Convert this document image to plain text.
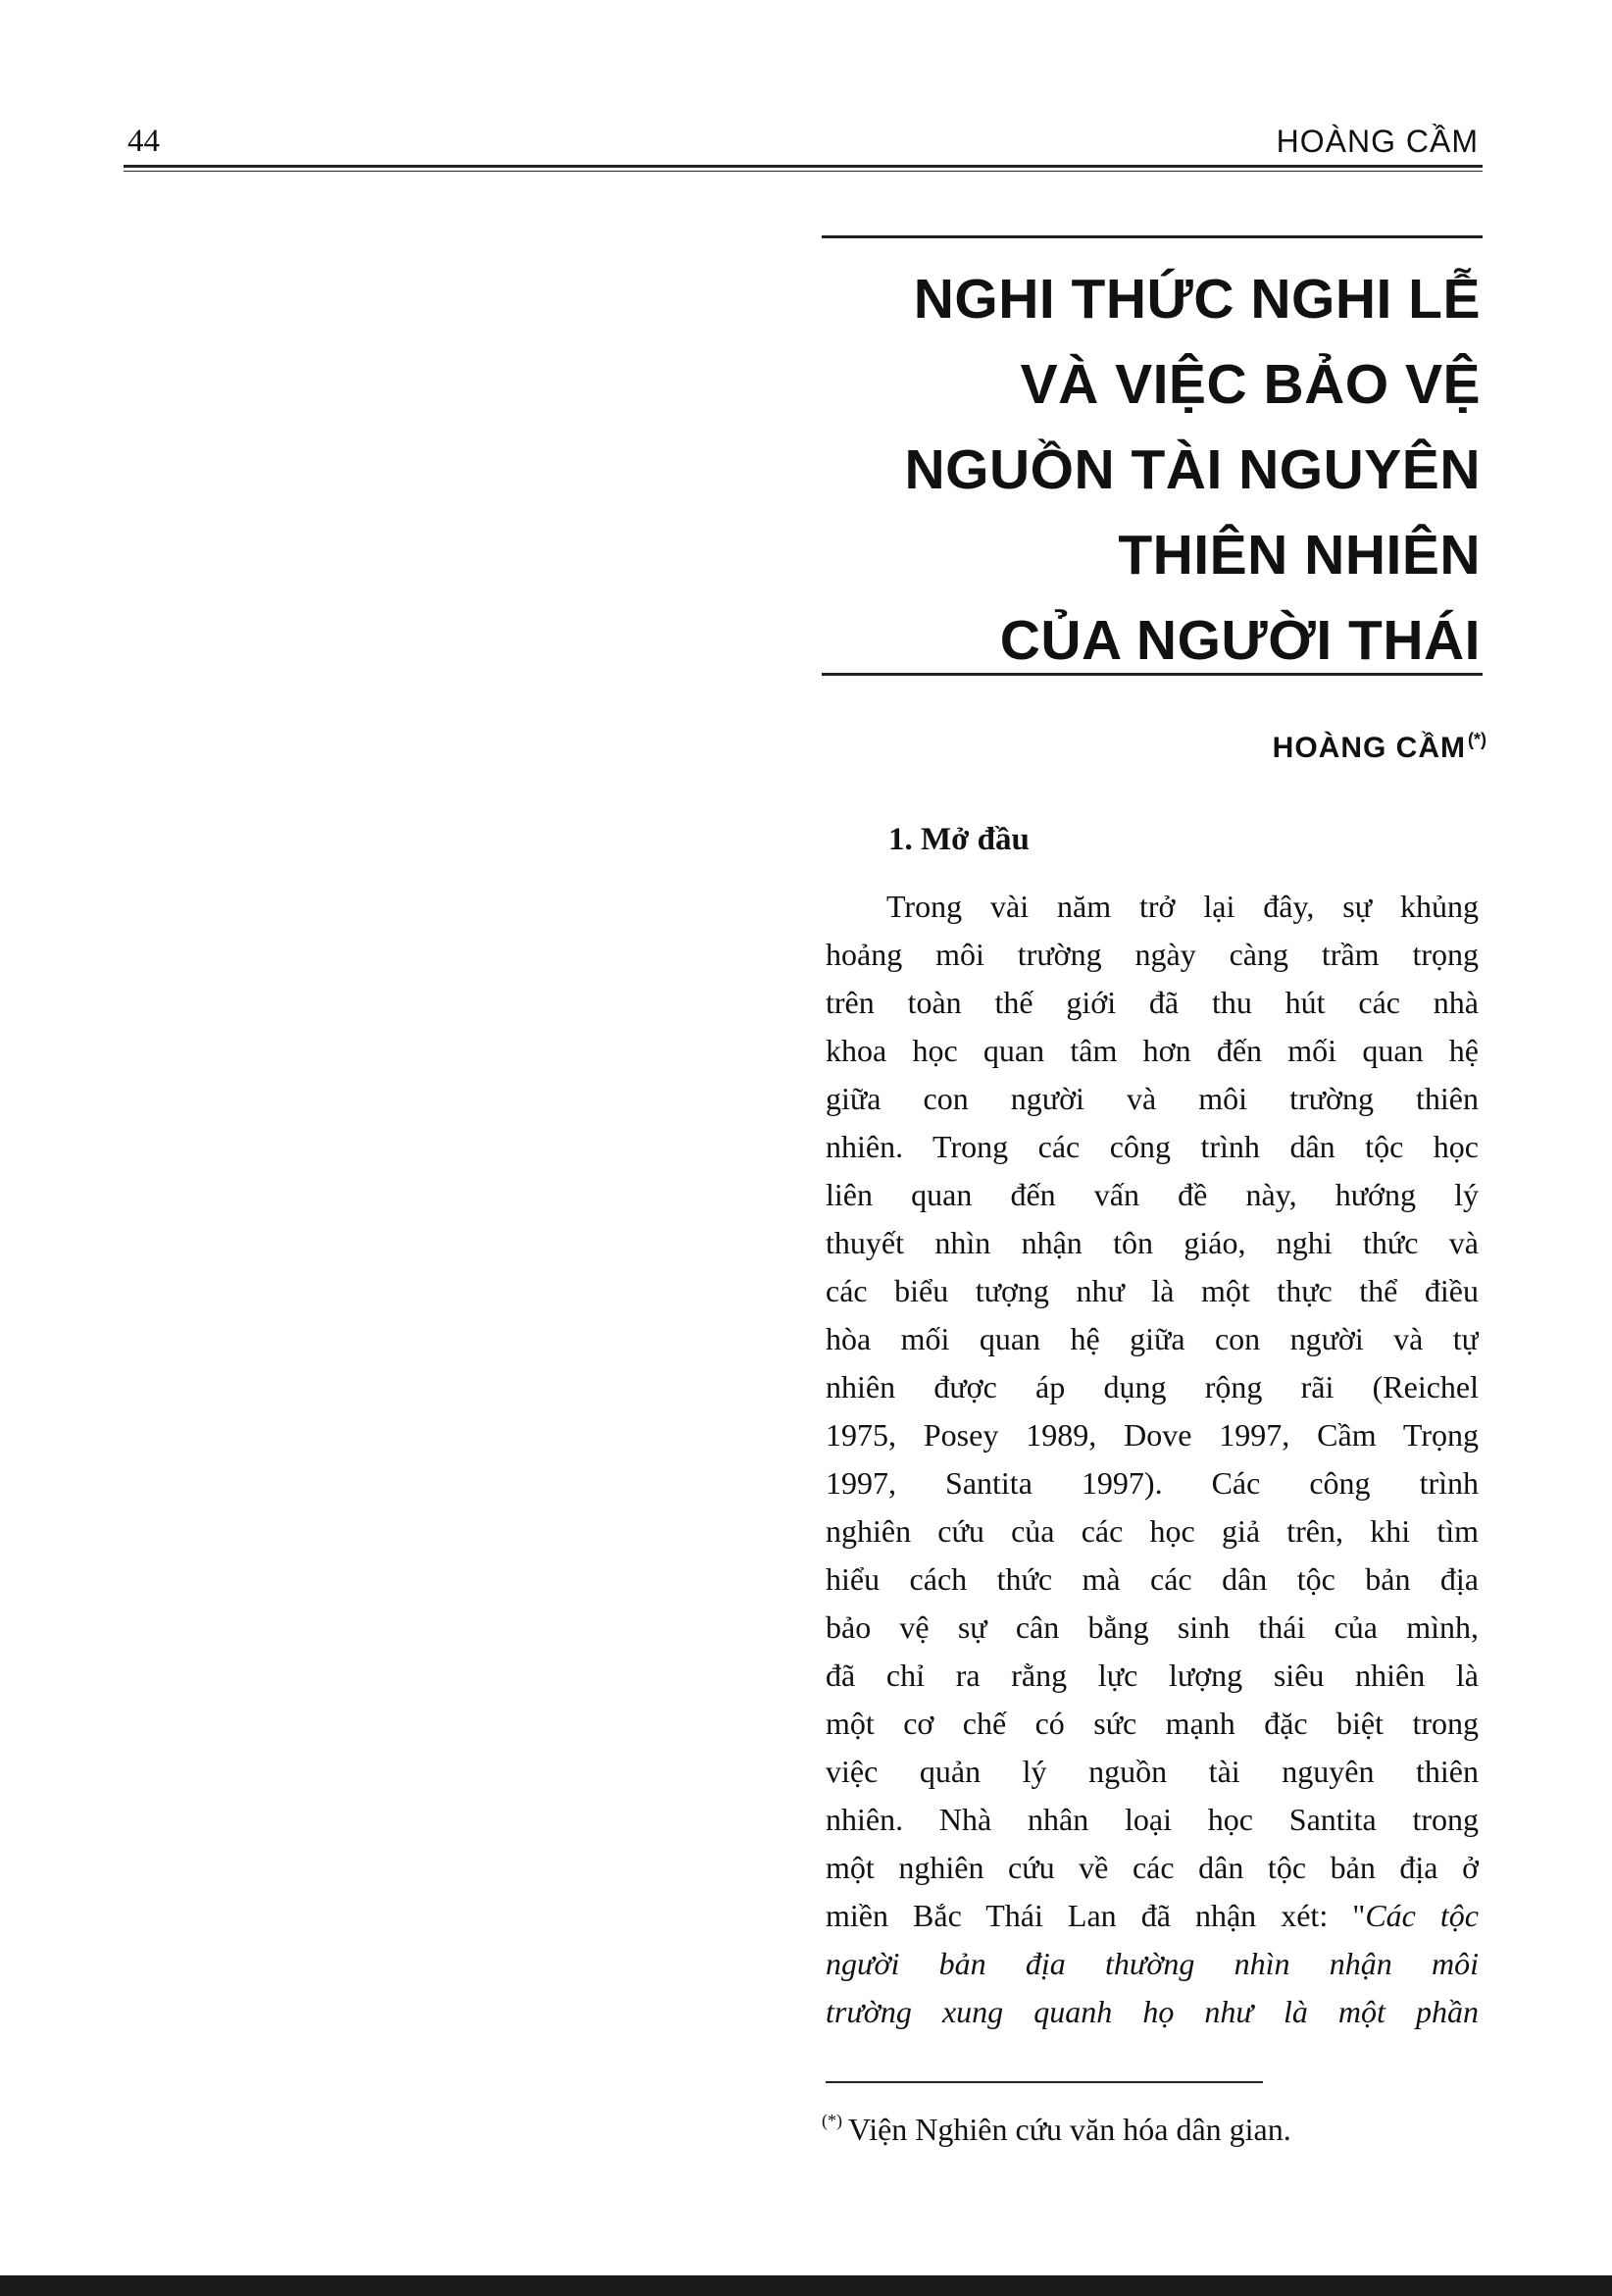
44	HOÀNG CẦM
NGHI THỨC NGHI LỄ
VÀ VIỆC BẢO VỆ
NGUỒN TÀI NGUYÊN
THIÊN NHIÊN
CỦA NGƯỜI THÁI
HOÀNG CẦM (*)
1. Mở đầu
Trong vài năm trở lại đây, sự khủng
hoảng môi trường ngày càng trầm trọng
trên toàn thế giới đã thu hút các nhà
khoa học quan tâm hơn đến mối quan hệ
giữa con người và môi trường thiên
nhiên. Trong các công trình dân tộc học
liên quan đến vấn đề này, hướng lý
thuyết nhìn nhận tôn giáo, nghi thức và
các biểu tượng như là một thực thể điều
hòa mối quan hệ giữa con người và tự
nhiên được áp dụng rộng rãi (Reichel
1975, Posey 1989, Dove 1997, Cầm Trọng
1997, Santita 1997). Các công trình
nghiên cứu của các học giả trên, khi tìm
hiểu cách thức mà các dân tộc bản địa
bảo vệ sự cân bằng sinh thái của mình,
đã chỉ ra rằng lực lượng siêu nhiên là
một cơ chế có sức mạnh đặc biệt trong
việc quản lý nguồn tài nguyên thiên
nhiên. Nhà nhân loại học Santita trong
một nghiên cứu về các dân tộc bản địa ở
miền Bắc Thái Lan đã nhận xét: "Các tộc
người bản địa thường nhìn nhận môi
trường xung quanh họ như là một phần
(*) Viện Nghiên cứu văn hóa dân gian.
